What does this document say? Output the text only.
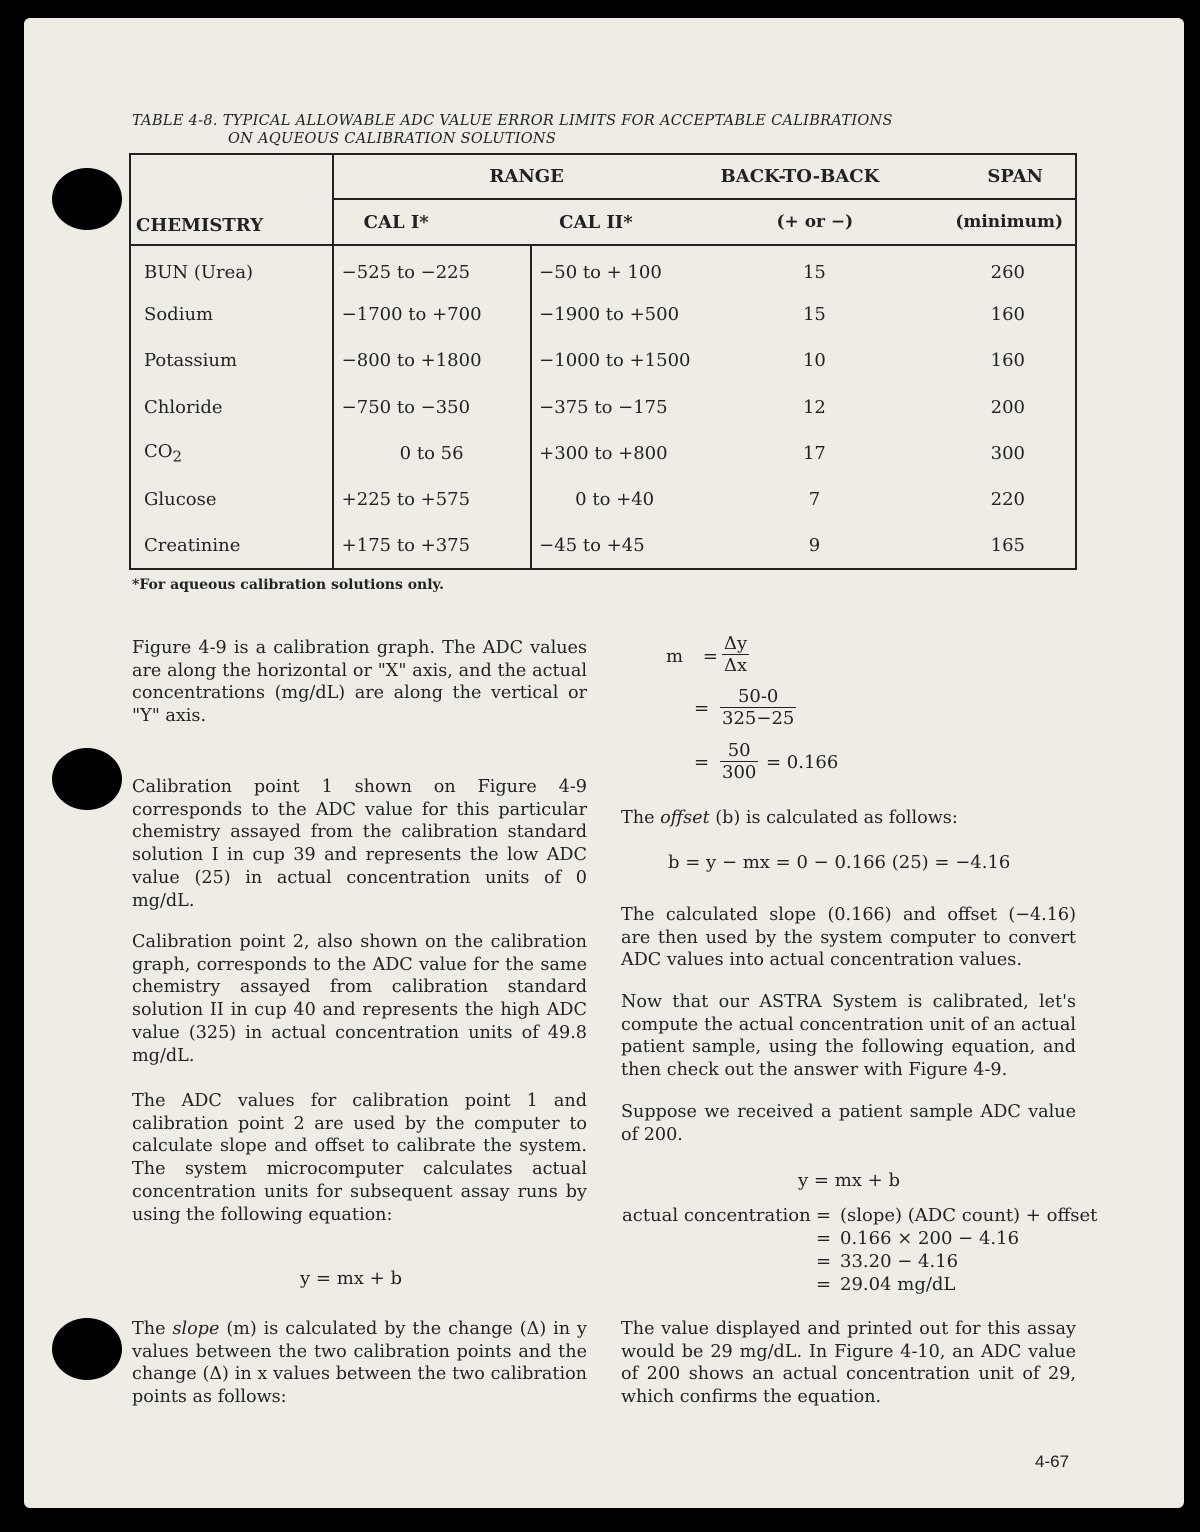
TABLE 4-8. TYPICAL ALLOWABLE ADC VALUE ERROR LIMITS FOR ACCEPTABLE CALIBRATIONS
ON AQUEOUS CALIBRATION SOLUTIONS
CHEMISTRY	RANGE		BACK-TO-BACK	SPAN
	CAL I*	CAL II*	(+ or −)	(minimum)
BUN (Urea)	−525 to −225	−50 to + 100	15	260
Sodium	−1700 to +700	−1900 to +500	15	160
Potassium	−800 to +1800	−1000 to +1500	10	160
Chloride	−750 to −350	−375 to −175	12	200
$CO_2$	0 to 56	+300 to +800	17	300
Glucose	+225 to +575	0 to +40	7	220
Creatinine	+175 to +375	−45 to +45	9	165
*For aqueous calibration solutions only.
Figure 4-9 is a calibration graph. The ADC values are along the horizontal or "X" axis, and the actual concentrations (mg/dL) are along the vertical or "Y" axis.
Calibration point 1 shown on Figure 4-9 corresponds to the ADC value for this particular chemistry assayed from the calibration standard solution I in cup 39 and represents the low ADC value (25) in actual concentration units of 0 mg/dL.
Calibration point 2, also shown on the calibration graph, corresponds to the ADC value for the same chemistry assayed from calibration standard solution II in cup 40 and represents the high ADC value (325) in actual concentration units of 49.8 mg/dL.
The ADC values for calibration point 1 and calibration point 2 are used by the computer to calculate slope and offset to calibrate the system. The system microcomputer calculates actual concentration units for subsequent assay runs by using the following equation:
y = mx + b
The slope (m) is calculated by the change (Δ) in y values between the two calibration points and the change (Δ) in x values between the two calibration points as follows:
$m = \frac{\Delta y}{\Delta x}$
= $\frac{50-0}{325-25}$
= $\frac{50}{300} = 0.166$
The offset (b) is calculated as follows:
b = y − mx = 0 − 0.166 (25) = −4.16
The calculated slope (0.166) and offset (−4.16) are then used by the system computer to convert ADC values into actual concentration values.
Now that our ASTRA System is calibrated, let's compute the actual concentration unit of an actual patient sample, using the following equation, and then check out the answer with Figure 4-9.
Suppose we received a patient sample ADC value of 200.
y = mx + b
actual concentration = (slope) (ADC count) + offset
= 0.166 × 200 − 4.16
= 33.20 − 4.16
= 29.04 mg/dL
The value displayed and printed out for this assay would be 29 mg/dL. In Figure 4-10, an ADC value of 200 shows an actual concentration unit of 29, which confirms the equation.
4-67
